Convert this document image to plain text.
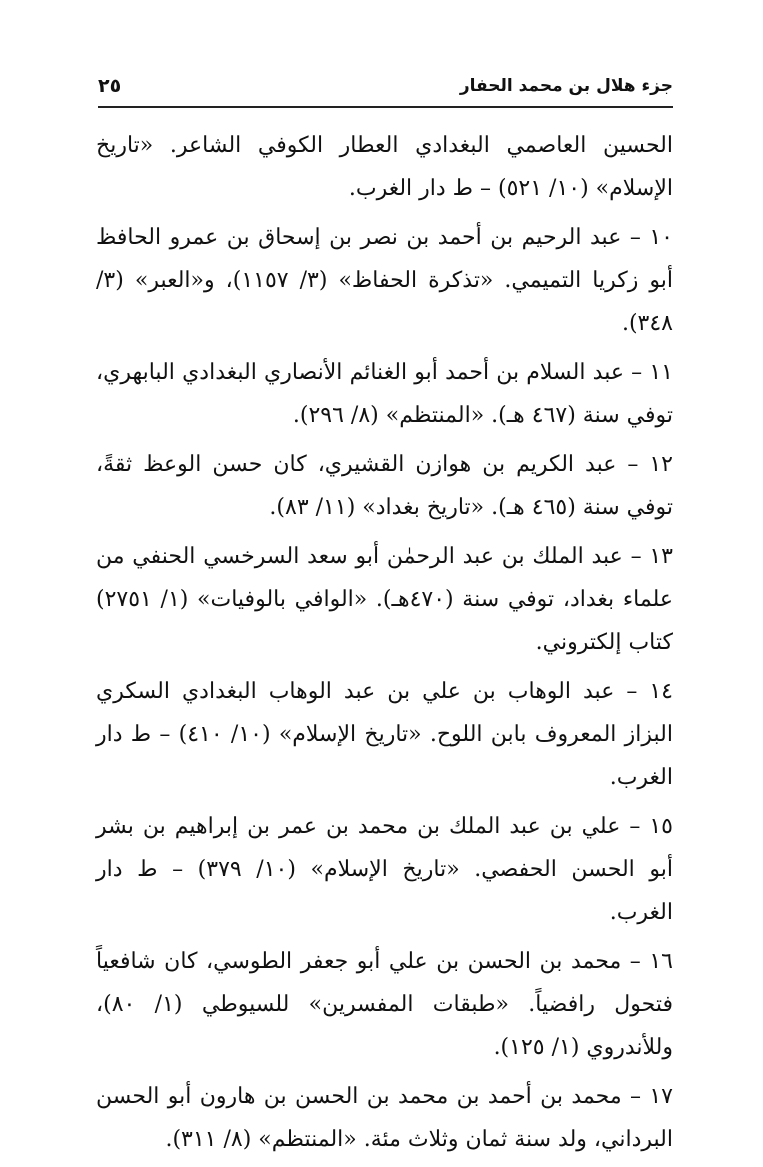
جزء هلال بن محمد الحفار
٢٥

الحسين العاصمي البغدادي العطار الكوفي الشاعر. «تاريخ الإسلام» (١٠/ ٥٢١) – ط دار الغرب.

١٠ – عبد الرحيم بن أحمد بن نصر بن إسحاق بن عمرو الحافظ أبو زكريا التميمي. «تذكرة الحفاظ» (٣/ ١١٥٧)، و«العبر» (٣/ ٣٤٨).

١١ – عبد السلام بن أحمد أبو الغنائم الأنصاري البغدادي البابهري، توفي سنة (٤٦٧ هـ). «المنتظم» (٨/ ٢٩٦).

١٢ – عبد الكريم بن هوازن القشيري، كان حسن الوعظ ثقةً، توفي سنة (٤٦٥ هـ). «تاريخ بغداد» (١١/ ٨٣).

١٣ – عبد الملك بن عبد الرحمٰن أبو سعد السرخسي الحنفي من علماء بغداد، توفي سنة (٤٧٠هـ). «الوافي بالوفيات» (١/ ٢٧٥١) كتاب إلكتروني.

١٤ – عبد الوهاب بن علي بن عبد الوهاب البغدادي السكري البزاز المعروف بابن اللوح. «تاريخ الإسلام» (١٠/ ٤١٠) – ط دار الغرب.

١٥ – علي بن عبد الملك بن محمد بن عمر بن إبراهيم بن بشر أبو الحسن الحفصي. «تاريخ الإسلام» (١٠/ ٣٧٩) – ط دار الغرب.

١٦ – محمد بن الحسن بن علي أبو جعفر الطوسي، كان شافعياً فتحول رافضياً. «طبقات المفسرين» للسيوطي (١/ ٨٠)، وللأندروي (١/ ١٢٥).

١٧ – محمد بن أحمد بن محمد بن الحسن بن هارون أبو الحسن البرداني، ولد سنة ثمان وثلاث مئة. «المنتظم» (٨/ ٣١١).
